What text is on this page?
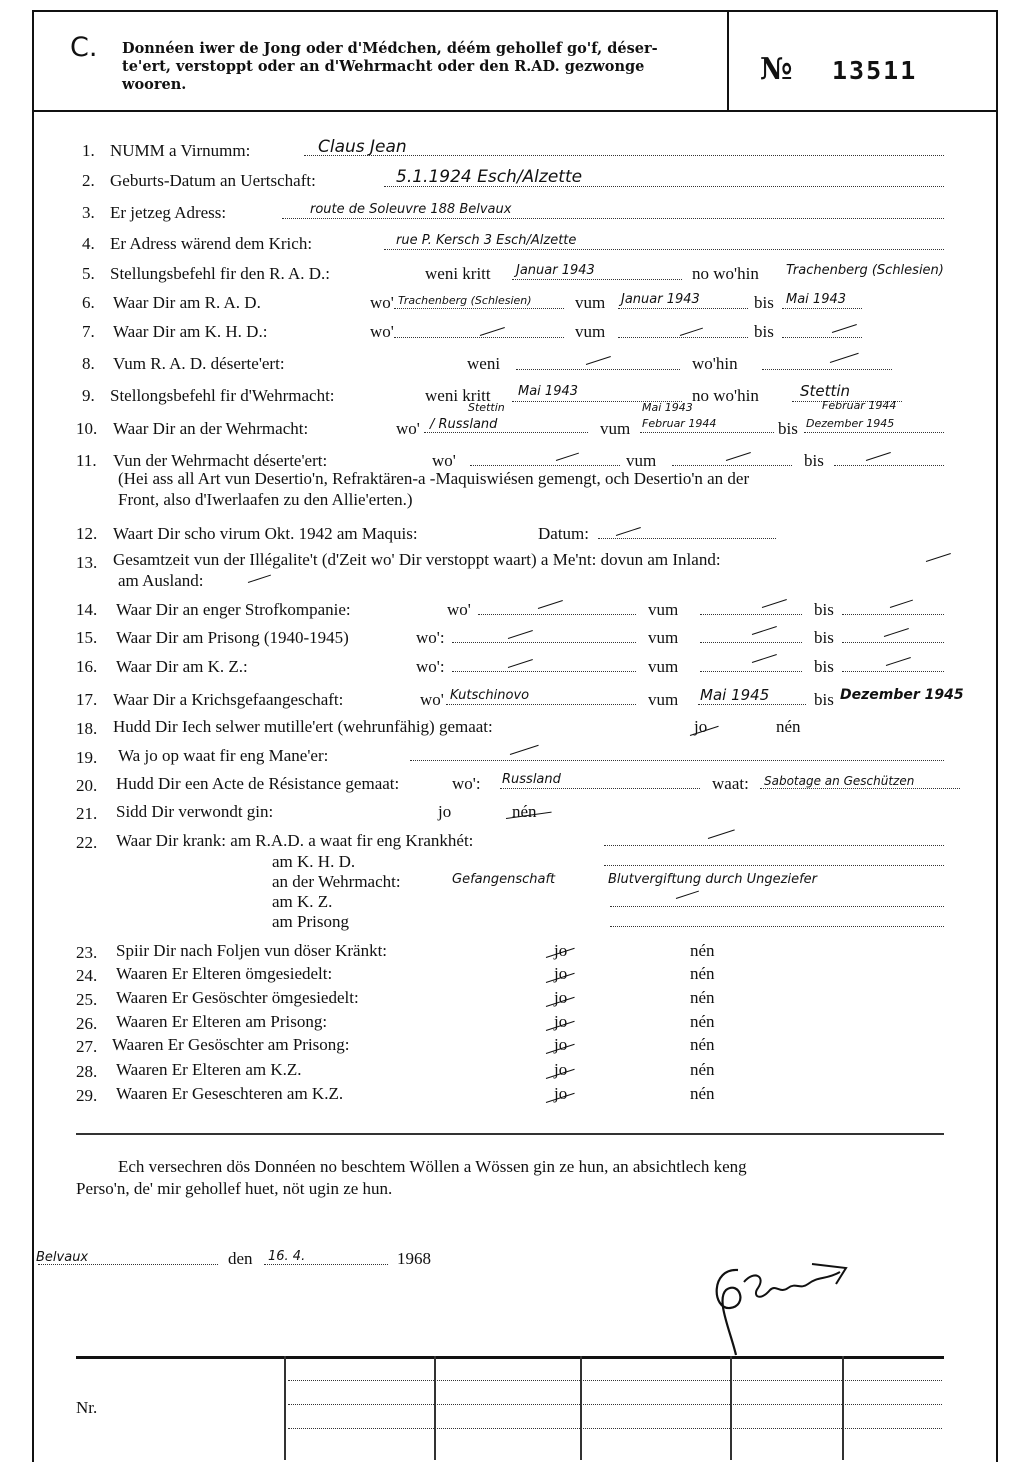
C. Donnéen iwer de Jong oder d'Médchen, déém gehollef go'f, déser-
te'ert, verstoppt oder an d'Wehrmacht oder den R.AD. gezwonge
wooren.	№ 13511
1. NUMM a Virnumm:	Claus Jean
2. Geburts-Datum an Uertschaft:	5.1.1924 Esch/Alzette
3. Er jetzeg Adress:	route de Soleuvre 188 Belvaux
4. Er Adress wärend dem Krich:	rue P. Kersch 3 Esch/Alzette
5. Stellungsbefehl fir den R. A. D.:	weni kritt Januar 1943	no wo'hin Trachenberg (Schlesien)
6. Waar Dir am R. A. D.	wo' Trachenberg (Schlesien)	vum Januar 1943	bis Mai 1943
7. Waar Dir am K. H. D.:	wo'	vum	bis
8. Vum R. A. D. déserte'ert:	weni	wo'hin
9. Stellongsbefehl fir d'Wehrmacht:	weni kritt Mai 1943	no wo'hin	Stettin
Stettin	Mai 1943	Februar 1944
10. Waar Dir an der Wehrmacht:	wo' / Russland	vum Februar 1944	bis Dezember 1945
11. Vun der Wehrmacht déserte'ert:	wo'	vum	bis
(Hei ass all Art vun Desertio'n, Refraktären-a -Maquiswiésen gemengt, och Desertio'n an der
Front, also d'Iwerlaafen zu den Allie'erten.)
12. Waart Dir scho virum Okt. 1942 am Maquis:	Datum:
13. Gesamtzeit vun der Illégalite't (d'Zeit wo' Dir verstoppt waart) a Me'nt: dovun am Inland:
am Ausland:
14. Waar Dir an enger Strofkompanie:	wo'	vum	bis
15. Waar Dir am Prisong (1940-1945)	wo':	vum	bis
16. Waar Dir am K. Z.:	wo':	vum	bis
17. Waar Dir a Krichsgefaangeschaft:	wo' Kutschinovo	vum Mai 1945	bis Dezember 1945
18. Hudd Dir Iech selwer mutille'ert (wehrunfähig) gemaat:	jo	nén
19. Wa jo op waat fir eng Mane'er:
20. Hudd Dir een Acte de Résistance gemaat:	wo': Russland	waat: Sabotage an Geschützen
21. Sidd Dir verwondt gin:	jo	nén
22. Waar Dir krank: am R.A.D. a waat fir eng Krankhét:
am K. H. D.
an der Wehrmacht:	Gefangenschaft	Blutvergiftung durch Ungeziefer
am K. Z.
am Prisong
23. Spiir Dir nach Foljen vun döser Kränkt:	jo	nén
24. Waaren Er Elteren ömgesiedelt:	jo	nén
25. Waaren Er Gesöschter ömgesiedelt:	jo	nén
26. Waaren Er Elteren am Prisong:	jo	nén
27. Waaren Er Gesöschter am Prisong:	jo	nén
28. Waaren Er Elteren am K.Z.	jo	nén
29. Waaren Er Geseschteren am K.Z.	jo	nén
Ech versechren dös Donnéen no beschtem Wöllen a Wössen gin ze hun, an absichtlech keng
Perso'n, de' mir gehollef huet, nöt ugin ze hun.
Belvaux	den 16. 4.	1968
Nr.
